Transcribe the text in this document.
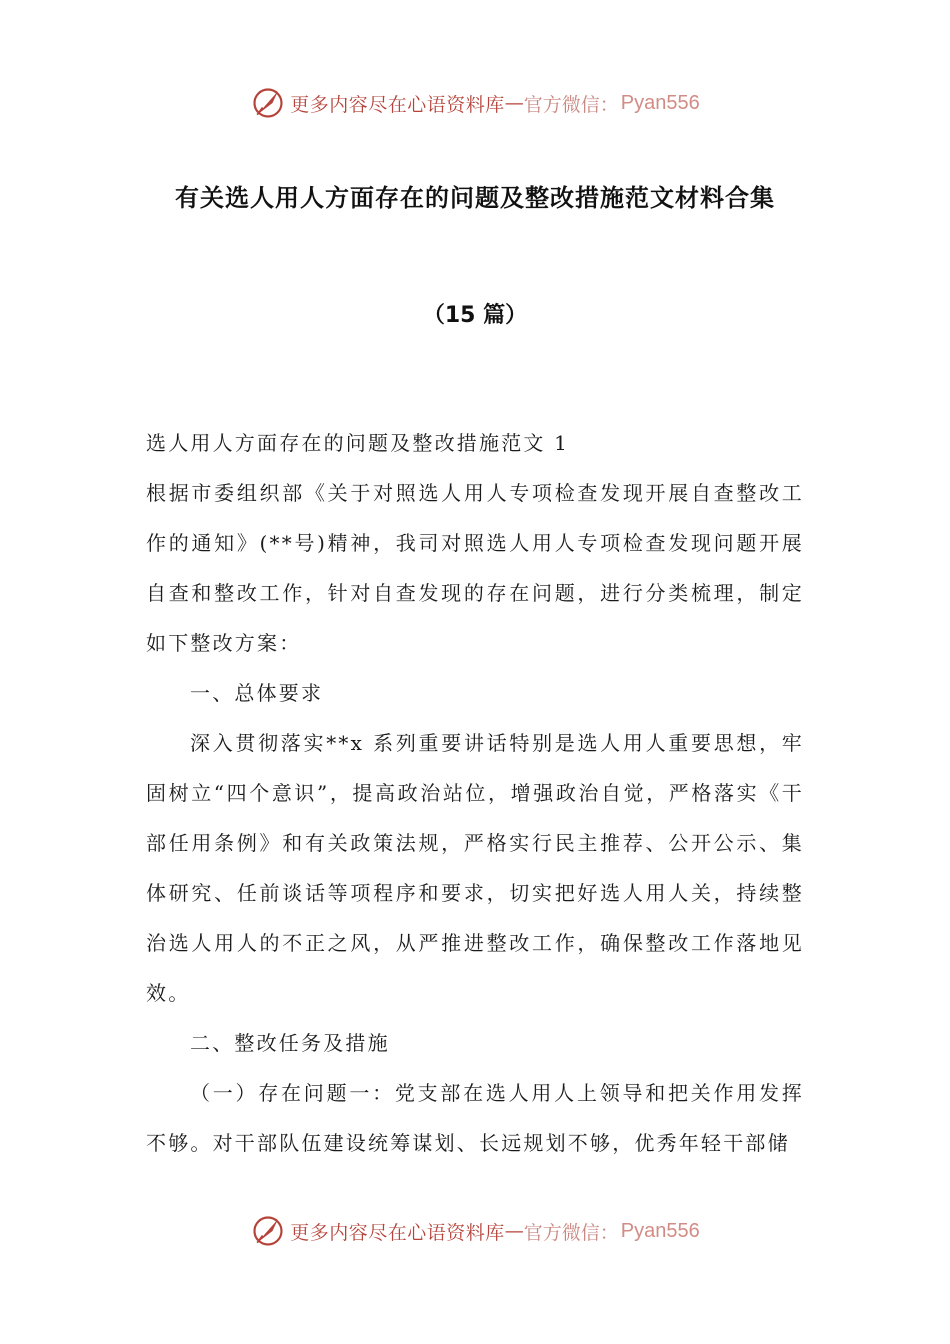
更多内容尽在心语资料库 — 官方微信： Pyan556
有关选人用人方面存在的问题及整改措施范文材料合集
（15 篇）

选人用人方面存在的问题及整改措施范文 1

根据市委组织部《关于对照选人用人专项检查发现开展自查整改工作的通知》(**号)精神，我司对照选人用人专项检查发现问题开展自查和整改工作，针对自查发现的存在问题，进行分类梳理，制定如下整改方案：

一、总体要求

深入贯彻落实**x 系列重要讲话特别是选人用人重要思想，牢固树立“四个意识”，提高政治站位，增强政治自觉，严格落实《干部任用条例》和有关政策法规，严格实行民主推荐、公开公示、集体研究、任前谈话等项程序和要求，切实把好选人用人关，持续整治选人用人的不正之风，从严推进整改工作，确保整改工作落地见效。

二、整改任务及措施

（一）存在问题一：党支部在选人用人上领导和把关作用发挥不够。对干部队伍建设统筹谋划、长远规划不够，优秀年轻干部储

更多内容尽在心语资料库 — 官方微信： Pyan556
